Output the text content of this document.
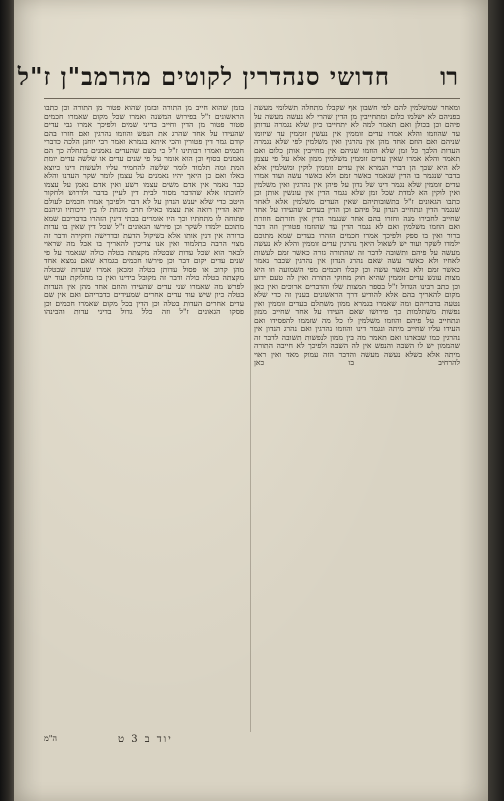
רו
חדושי סנהדרין לקוטים מהרמב"ן ז"ל

ומאחר שמשלמין להם לפי חשבון אף שקבלו מתחלה תשלומי מעשה בפניהם לא ישלמו כלום ומתחייבין מן הדין שהרי לא נעשה מעשה על פיהם וכן בכולן ואם תאמר למה לא יתחייבו כיון שלא נגמרה עדותן עד שהוזמו והלא אמרו עדים זוממין אין נעשין זוממין עד שיזומו שניהם ואם הוזם אחד מהן אין נהרגין ואין משלמין לפי שלא נגמרה העדות הלכך כל זמן שלא הוזמו שניהם אין מחייבין אותן כלום ואם תאמר והלא אמרו שאין עדים זוממין משלמין ממון אלא על פי עצמן לא היא שכך הן דברי הגמרא אין עדים זוממין לוקין ומשלמין אלא בדבר שנגמר בו הדין שנאמר כאשר זמם ולא כאשר עשה ועוד אמרו עדים זוממין שלא נגמר דינו של נדון על פיהן אין נהרגין ואין משלמין ואין לוקין הא למדת שכל זמן שלא נגמר הדין אין עונשין אותן וכן כתבו הגאונים ז"ל בתשובותיהם שאין העדים משלמין אלא לאחר שנגמר הדין ונתחייב הנדון על פיהם וכן הדין בעדים שהעידו על אחד שחייב לחבירו מנה וחזרו בהם אחר שנגמר הדין אין חזרתם חוזרת ואם הוזמו משלמין ואם לא נגמר הדין עד שהוזמו פטורין וזה דבר ברור ואין בו ספק ולפיכך אמרו חכמים הזהרו בעדים שמא מתוכם ילמדו לשקר ועוד יש לשאול היאך נהרגין עדים זוממין והלא לא נעשה מעשה על פיהם ותשובה לדבר זה שהתורה גזרה כאשר זמם לעשות לאחיו ולא כאשר עשה שאם נהרג הנדון אין נהרגין שכבר נאמר כאשר זמם ולא כאשר עשה וכן קבלו חכמים מפי השמועה וזו היא מצות עונש עדים זוממין שהיא חוק מחוקי התורה ואין לה טעם ידוע וכן כתב רבינו הגדול ז"ל בספר המצות שלו והדברים ארוכים ואין כאן מקום להאריך בהם אלא להודיע דרך הראשונים בענין זה כדי שלא נטעה בדבריהם ומה שאמרו בגמרא ממון משתלם בעדים זוממין ואין נפשות משתלמות כך פירושו שאם העידו על אחד שחייב ממון ונתחייב על פיהם והוזמו משלמין לו כל מה שזממו להפסידו ואם העידו עליו שחייב מיתה ונגמר דינו והוזמו נהרגין ואם נהרג הנדון אין נהרגין כמו שבארנו ואם תאמר מה בין ממון לנפשות תשובה לדבר זה שהממון יש לו השבה והנפש אין לה השבה ולפיכך לא חייבה התורה מיתה אלא כשלא נעשה מעשה והדבר הזה עמוק מאד ואין ראוי להרחיב בו כאן

בזמן שהוא חייב מן התורה ובזמן שהוא פטור מן התורה וכן כתבו הראשונים ז"ל בפירוש המשנה ואמרו שכל מקום שאמרו חכמים פטור פטור מן הדין וחייב בדיני שמים ולפיכך אמרו גבי עדים שהעידו על אחד שהרג את הנפש והוזמו נהרגין ואם חזרו בהם קודם גמר דין פטורין והכי איתא בגמרא ואמר רבי יוחנן הלכה כדברי חכמים ואמרו רבותינו ז"ל כי כשם שהעדים נאמנים בתחלה כך הם נאמנים בסוף וכן הוא אומר על פי שנים עדים או שלשה עדים יומת המת ומה תלמוד לומר שלשה להחמיר עליו ולעשות דינו כיוצא באלו ואם כן היאך יהיו נאמנים על עצמן לומר שקר העדנו והלא כבר נאמר אין אדם משים עצמו רשע ואין אדם נאמן על עצמו לחובתו אלא שהדבר מסור לבית דין לעיין בדבר ולדרוש ולחקור היטב כדי שלא יענש הנדון על לא דבר ולפיכך אמרו חכמים לעולם יהא הדיין רואה את עצמו כאילו חרב מונחת לו בין ירכותיו וגיהנם פתוחה לו מתחתיו וכך היו אומרים בבתי דינין הזהרו בדבריכם שמא מתוכם ילמדו לשקר וכן פירשו הגאונים ז"ל שכל דין שאין בו עדות ברורה אין דנין אותו אלא בשיקול הדעת ובדרישה וחקירה ודבר זה מצוי הרבה בתלמוד ואין אנו צריכין להאריך בו אבל מה שראוי לבאר הוא שכל עדות שבטלה מקצתה בטלה כולה שנאמר על פי שנים עדים יקום דבר וכן פירשו חכמים בגמרא שאם נמצא אחד מהן קרוב או פסול עדותן בטלה ומכאן אמרו שעדות שבטלה מקצתה בטלה כולה ודבר זה מקובל בידינו ואין בו מחלוקת ועוד יש לפרש מה שאמרו שני עדים שהעידו והוזם אחד מהן אין העדות בטלה כיון שיש עוד עדים אחרים שמעידים כדבריהם ואם אין שם עדים אחרים העדות בטלה וכן הדין בכל מקום שאמרו חכמים וכן פסקו הגאונים ז"ל וזה כלל גדול בדיני עדות והבינהו

יוד ב 3 ט
ה"מ
